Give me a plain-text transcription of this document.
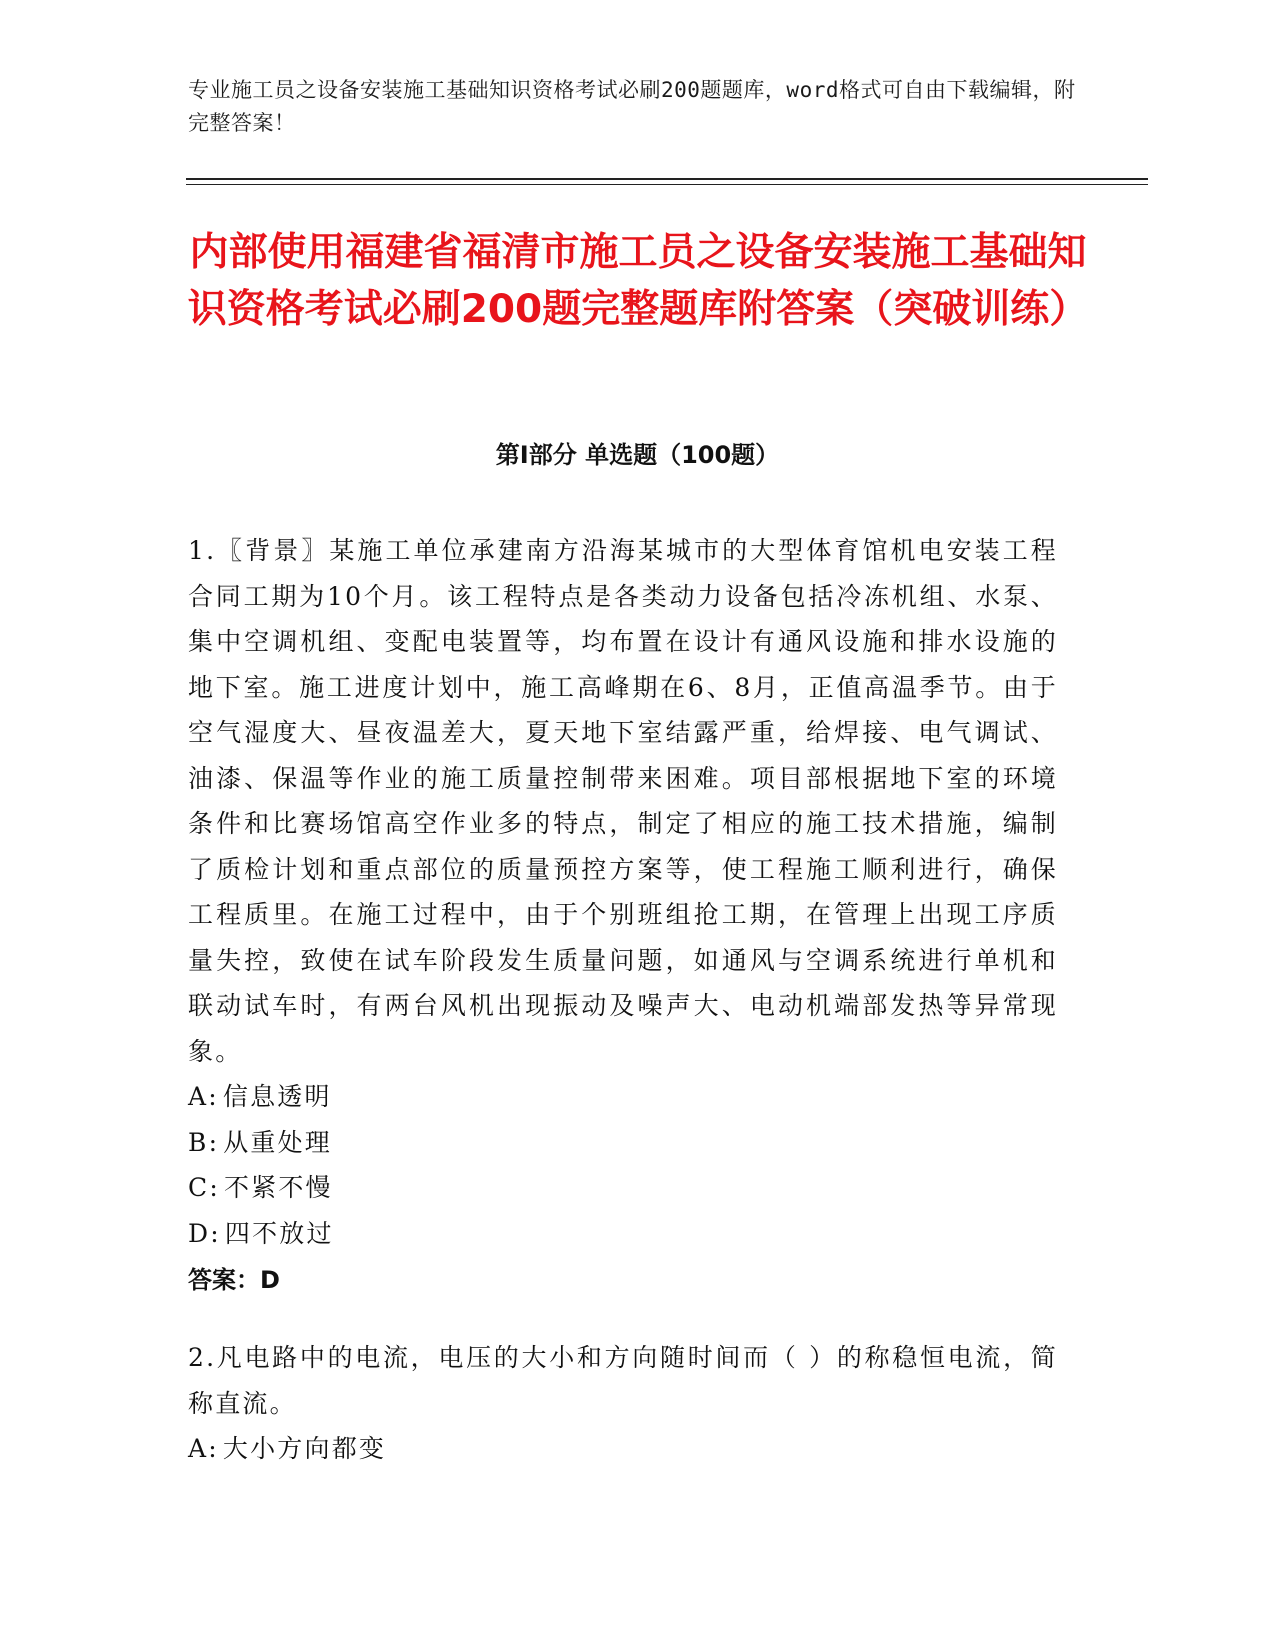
专业施工员之设备安装施工基础知识资格考试必刷200题题库，word格式可自由下载编辑，附完整答案！
内部使用福建省福清市施工员之设备安装施工基础知识资格考试必刷200题完整题库附答案（突破训练）
第Ⅰ部分 单选题（100题）

1.〖背景〗某施工单位承建南方沿海某城市的大型体育馆机电安装工程合同工期为10个月。该工程特点是各类动力设备包括冷冻机组、水泵、集中空调机组、变配电装置等，均布置在设计有通风设施和排水设施的地下室。施工进度计划中，施工高峰期在6、8月，正值高温季节。由于空气湿度大、昼夜温差大，夏天地下室结露严重，给焊接、电气调试、油漆、保温等作业的施工质量控制带来困难。项目部根据地下室的环境条件和比赛场馆高空作业多的特点，制定了相应的施工技术措施，编制了质检计划和重点部位的质量预控方案等，使工程施工顺利进行，确保工程质里。在施工过程中，由于个别班组抢工期，在管理上出现工序质量失控，致使在试车阶段发生质量问题，如通风与空调系统进行单机和联动试车时，有两台风机出现振动及噪声大、电动机端部发热等异常现象。

A: 信息透明

B: 从重处理

C: 不紧不慢

D: 四不放过

答案：D

2.凡电路中的电流，电压的大小和方向随时间而（ ）的称稳恒电流，简称直流。

A: 大小方向都变
